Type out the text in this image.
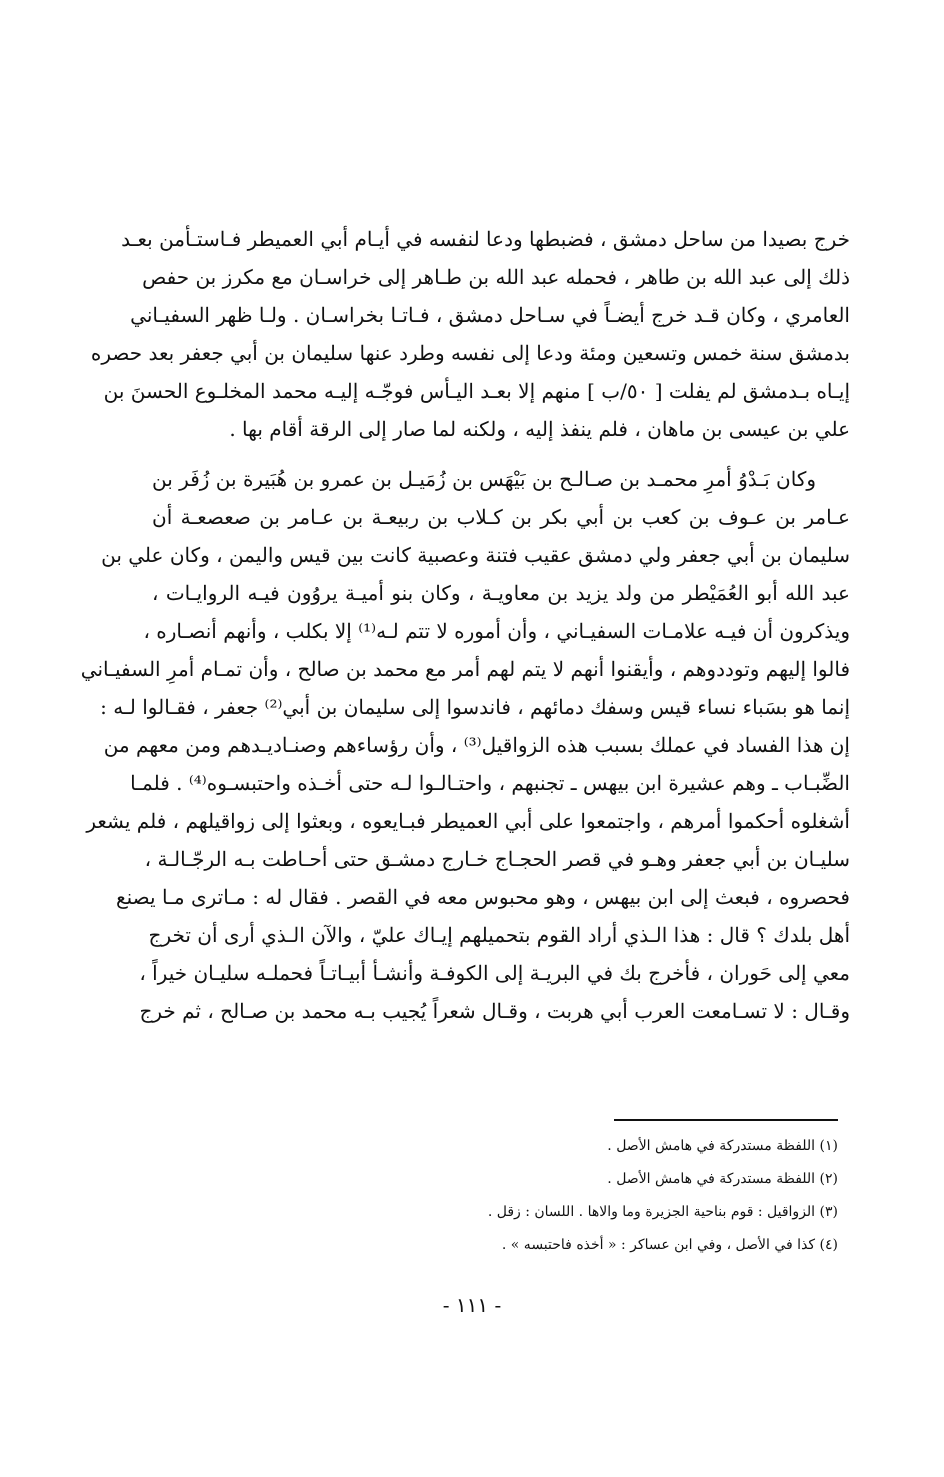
خرج بصيدا من ساحل دمشق ، فضبطها ودعا لنفسه في أيـام أبي العميطر فـاستـأمن بعـد
ذلك إلى عبد الله بن طاهر ، فحمله عبد الله بن طـاهر إلى خراسـان مع مكرز بن حفص
العامري ، وكان قـد خرج أيضـاً في سـاحل دمشق ، فـاتـا بخراسـان . ولـا ظهر السفيـاني
بدمشق سنة خمس وتسعين ومئة ودعا إلى نفسه وطرد عنها سليمان بن أبي جعفر بعد حصره
إيـاه بـدمشق لم يفلت [ ٥٠/ب ] منهم إلا بعـد اليـأس فوجّـه إليـه محمد المخلـوع الحسنَ بن
علي بن عيسى بن ماهان ، فلم ينفذ إليه ، ولكنه لما صار إلى الرقة أقام بها .

وكان بَـدْوُ أمرِ محمـد بن صـالـح بن بَيْهَس بن زُمَيـل بن عمرو بن هُبَيرة بن زُفَر بن
عـامر بن عـوف بن كعب بن أبي بكر بن كـلاب بن ربيعـة بن عـامر بن صعصعـة أن
سليمان بن أبي جعفر ولي دمشق عقيب فتنة وعصبية كانت بين قيس واليمن ، وكان علي بن
عبد الله أبو العُمَيْطر من ولد يزيد بن معاويـة ، وكان بنو أميـة يروُون فيـه الروايـات ،
ويذكرون أن فيـه علامـات السفيـاني ، وأن أموره لا تتم لـه⁽¹⁾ إلا بكلب ، وأنهم أنصـاره ،
فالوا إليهم وتوددوهم ، وأيقنوا أنهم لا يتم لهم أمر مع محمد بن صالح ، وأن تمـام أمرِ السفيـاني
إنما هو بسَباء نساء قيس وسفك دمائهم ، فاندسوا إلى سليمان بن أبي⁽²⁾ جعفر ، فقـالوا لـه :
إن هذا الفساد في عملك بسبب هذه الزواقيل⁽³⁾ ، وأن رؤساءهم وصنـاديـدهم ومن معهم من
الضِّبـاب ـ وهم عشيرة ابن بيهس ـ تجنبهم ، واحتـالـوا لـه حتى أخـذه واحتبسـوه⁽⁴⁾ . فلمـا
أشغلوه أحكموا أمرهم ، واجتمعوا على أبي العميطر فبـايعوه ، وبعثوا إلى زواقيلهم ، فلم يشعر
سليـان بن أبي جعفر وهـو في قصر الحجـاج خـارج دمشـق حتى أحـاطت بـه الرجّـالـة ،
فحصروه ، فبعث إلى ابن بيهس ، وهو محبوس معه في القصر . فقال له : مـاترى مـا يصنع
أهل بلدك ؟ قال : هذا الـذي أراد القوم بتحميلهم إيـاك عليّ ، والآن الـذي أرى أن تخرج
معي إلى حَوران ، فأخرج بك في البريـة إلى الكوفـة وأنشـأ أبيـاتـاً فحملـه سليـان خيراً ،
وقـال : لا تسـامعت العرب أبي هربت ، وقـال شعراً يُجيب بـه محمد بن صـالح ، ثم خرج

(١) اللفظة مستدركة في هامش الأصل .
(٢) اللفظة مستدركة في هامش الأصل .
(٣) الزواقيل : قوم بناحية الجزيرة وما والاها . اللسان : زقل .
(٤) كذا في الأصل ، وفي ابن عساكر : « أخذه فاحتبسه » .
- ١١١ -
